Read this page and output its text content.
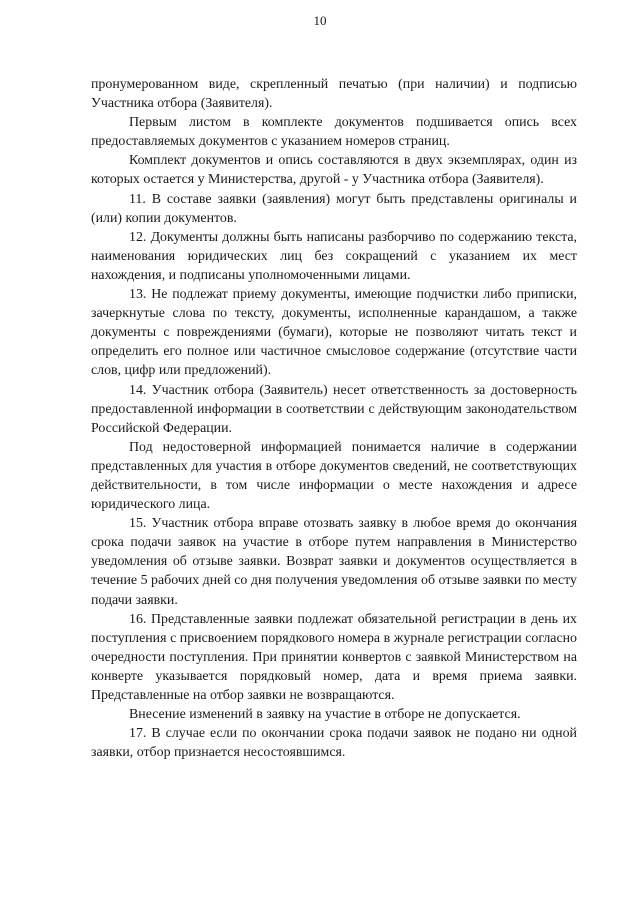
10

пронумерованном виде, скрепленный печатью (при наличии) и подписью Участника отбора (Заявителя).

Первым листом в комплекте документов подшивается опись всех предоставляемых документов с указанием номеров страниц.

Комплект документов и опись составляются в двух экземплярах, один из которых остается у Министерства, другой - у Участника отбора (Заявителя).

11. В составе заявки (заявления) могут быть представлены оригиналы и (или) копии документов.

12. Документы должны быть написаны разборчиво по содержанию текста, наименования юридических лиц без сокращений с указанием их мест нахождения, и подписаны уполномоченными лицами.

13. Не подлежат приему документы, имеющие подчистки либо приписки, зачеркнутые слова по тексту, документы, исполненные карандашом, а также документы с повреждениями (бумаги), которые не позволяют читать текст и определить его полное или частичное смысловое содержание (отсутствие части слов, цифр или предложений).

14. Участник отбора (Заявитель) несет ответственность за достоверность предоставленной информации в соответствии с действующим законодательством Российской Федерации.

Под недостоверной информацией понимается наличие в содержании представленных для участия в отборе документов сведений, не соответствующих действительности, в том числе информации о месте нахождения и адресе юридического лица.

15. Участник отбора вправе отозвать заявку в любое время до окончания срока подачи заявок на участие в отборе путем направления в Министерство уведомления об отзыве заявки. Возврат заявки и документов осуществляется в течение 5 рабочих дней со дня получения уведомления об отзыве заявки по месту подачи заявки.

16. Представленные заявки подлежат обязательной регистрации в день их поступления с присвоением порядкового номера в журнале регистрации согласно очередности поступления. При принятии конвертов с заявкой Министерством на конверте указывается порядковый номер, дата и время приема заявки. Представленные на отбор заявки не возвращаются.

Внесение изменений в заявку на участие в отборе не допускается.

17. В случае если по окончании срока подачи заявок не подано ни одной заявки, отбор признается несостоявшимся.
